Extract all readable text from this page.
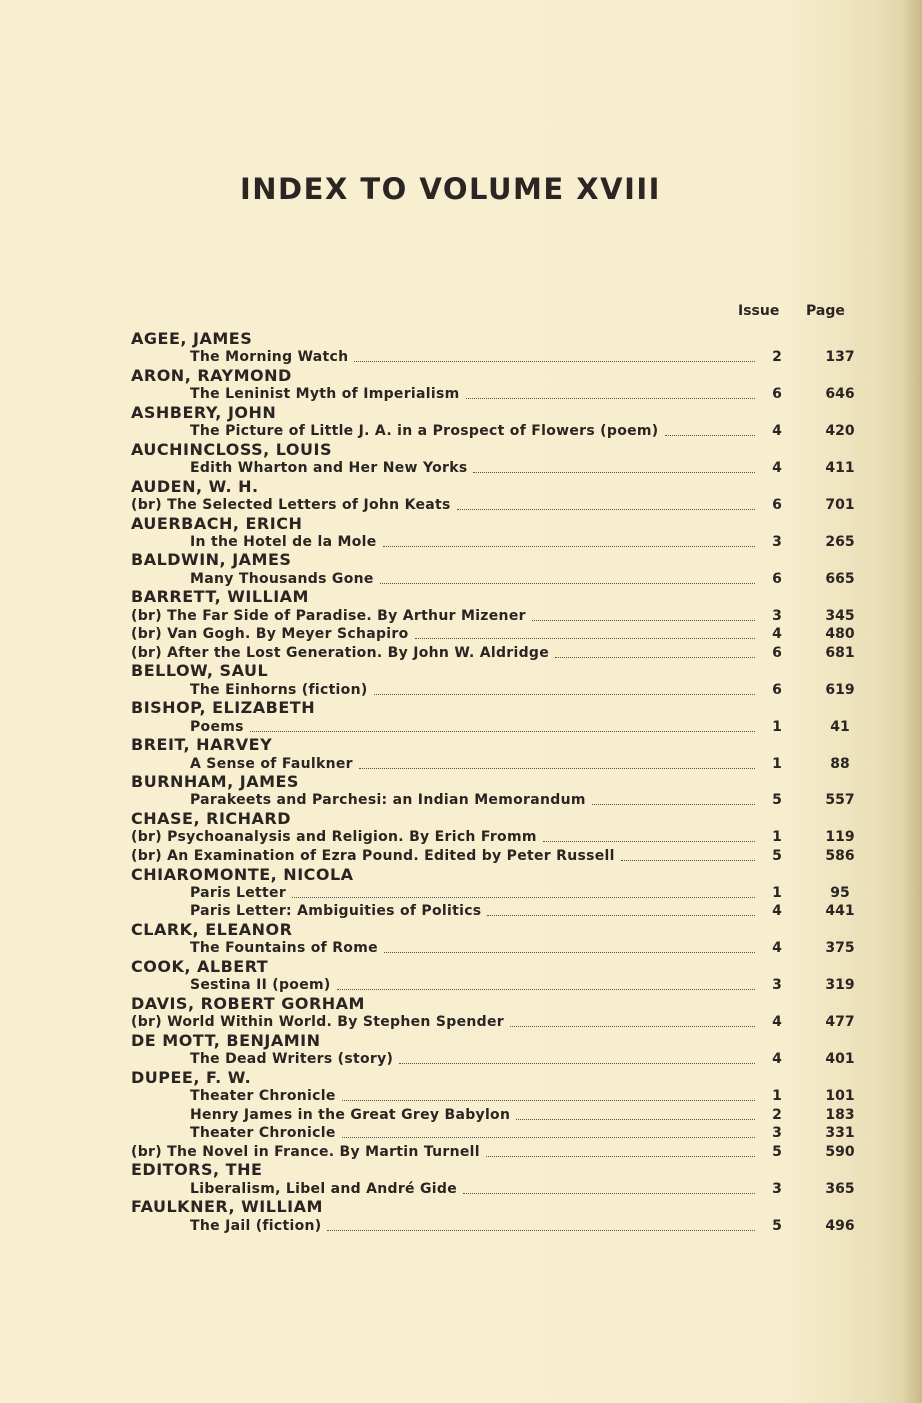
INDEX TO VOLUME XVIII
Issue Page
AGEE, JAMES
The Morning Watch	2	137
ARON, RAYMOND
The Leninist Myth of Imperialism	6	646
ASHBERY, JOHN
The Picture of Little J. A. in a Prospect of Flowers (poem)	4	420
AUCHINCLOSS, LOUIS
Edith Wharton and Her New Yorks	4	411
AUDEN, W. H.
(br) The Selected Letters of John Keats	6	701
AUERBACH, ERICH
In the Hotel de la Mole	3	265
BALDWIN, JAMES
Many Thousands Gone	6	665
BARRETT, WILLIAM
(br) The Far Side of Paradise. By Arthur Mizener	3	345
(br) Van Gogh. By Meyer Schapiro	4	480
(br) After the Lost Generation. By John W. Aldridge	6	681
BELLOW, SAUL
The Einhorns (fiction)	6	619
BISHOP, ELIZABETH
Poems	1	41
BREIT, HARVEY
A Sense of Faulkner	1	88
BURNHAM, JAMES
Parakeets and Parchesi: an Indian Memorandum	5	557
CHASE, RICHARD
(br) Psychoanalysis and Religion. By Erich Fromm	1	119
(br) An Examination of Ezra Pound. Edited by Peter Russell	5	586
CHIAROMONTE, NICOLA
Paris Letter	1	95
Paris Letter: Ambiguities of Politics	4	441
CLARK, ELEANOR
The Fountains of Rome	4	375
COOK, ALBERT
Sestina II (poem)	3	319
DAVIS, ROBERT GORHAM
(br) World Within World. By Stephen Spender	4	477
DE MOTT, BENJAMIN
The Dead Writers (story)	4	401
DUPEE, F. W.
Theater Chronicle	1	101
Henry James in the Great Grey Babylon	2	183
Theater Chronicle	3	331
(br) The Novel in France. By Martin Turnell	5	590
EDITORS, THE
Liberalism, Libel and André Gide	3	365
FAULKNER, WILLIAM
The Jail (fiction)	5	496
